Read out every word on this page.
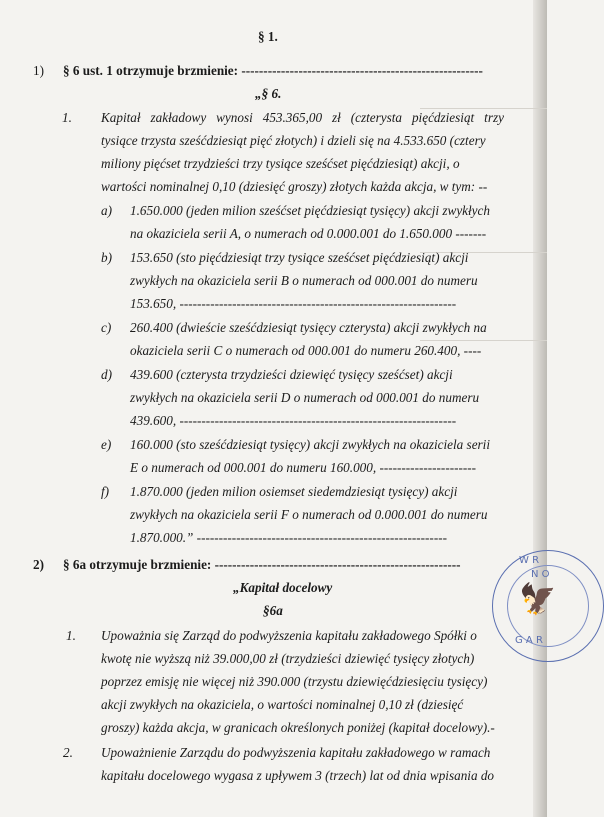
🦅
W R
N O
G A R
§ 1.
1) § 6 ust. 1 otrzymuje brzmienie: -------------------------------------------------------
„§ 6.
1. Kapitał zakładowy wynosi 453.365,00 zł (czterysta pięćdziesiąt trzy
tysiące trzysta sześćdziesiąt pięć złotych) i dzieli się na 4.533.650 (cztery
miliony pięćset trzydzieści trzy tysiące sześćset pięćdziesiąt) akcji, o
wartości nominalnej 0,10 (dziesięć groszy) złotych każda akcja, w tym: --
a) 1.650.000 (jeden milion sześćset pięćdziesiąt tysięcy) akcji zwykłych
na okaziciela serii A, o numerach od 0.000.001 do 1.650.000 -------
b) 153.650 (sto pięćdziesiąt trzy tysiące sześćset pięćdziesiąt) akcji
zwykłych na okaziciela serii B o numerach od 000.001 do numeru
153.650, ---------------------------------------------------------------
c) 260.400 (dwieście sześćdziesiąt tysięcy czterysta) akcji zwykłych na
okaziciela serii C o numerach od 000.001 do numeru 260.400, ----
d) 439.600 (czterysta trzydzieści dziewięć tysięcy sześćset) akcji
zwykłych na okaziciela serii D o numerach od 000.001 do numeru
439.600, ---------------------------------------------------------------
e) 160.000 (sto sześćdziesiąt tysięcy) akcji zwykłych na okaziciela serii
E o numerach od 000.001 do numeru 160.000, ----------------------
f) 1.870.000 (jeden milion osiemset siedemdziesiąt tysięcy) akcji
zwykłych na okaziciela serii F o numerach od 0.000.001 do numeru
1.870.000.” ---------------------------------------------------------
2) § 6a otrzymuje brzmienie: --------------------------------------------------------
„Kapitał docelowy
§6a
1. Upoważnia się Zarząd do podwyższenia kapitału zakładowego Spółki o
kwotę nie wyższą niż 39.000,00 zł (trzydzieści dziewięć tysięcy złotych)
poprzez emisję nie więcej niż 390.000 (trzystu dziewięćdziesięciu tysięcy)
akcji zwykłych na okaziciela, o wartości nominalnej 0,10 zł (dziesięć
groszy) każda akcja, w granicach określonych poniżej (kapitał docelowy).-
2. Upoważnienie Zarządu do podwyższenia kapitału zakładowego w ramach
kapitału docelowego wygasa z upływem 3 (trzech) lat od dnia wpisania do
